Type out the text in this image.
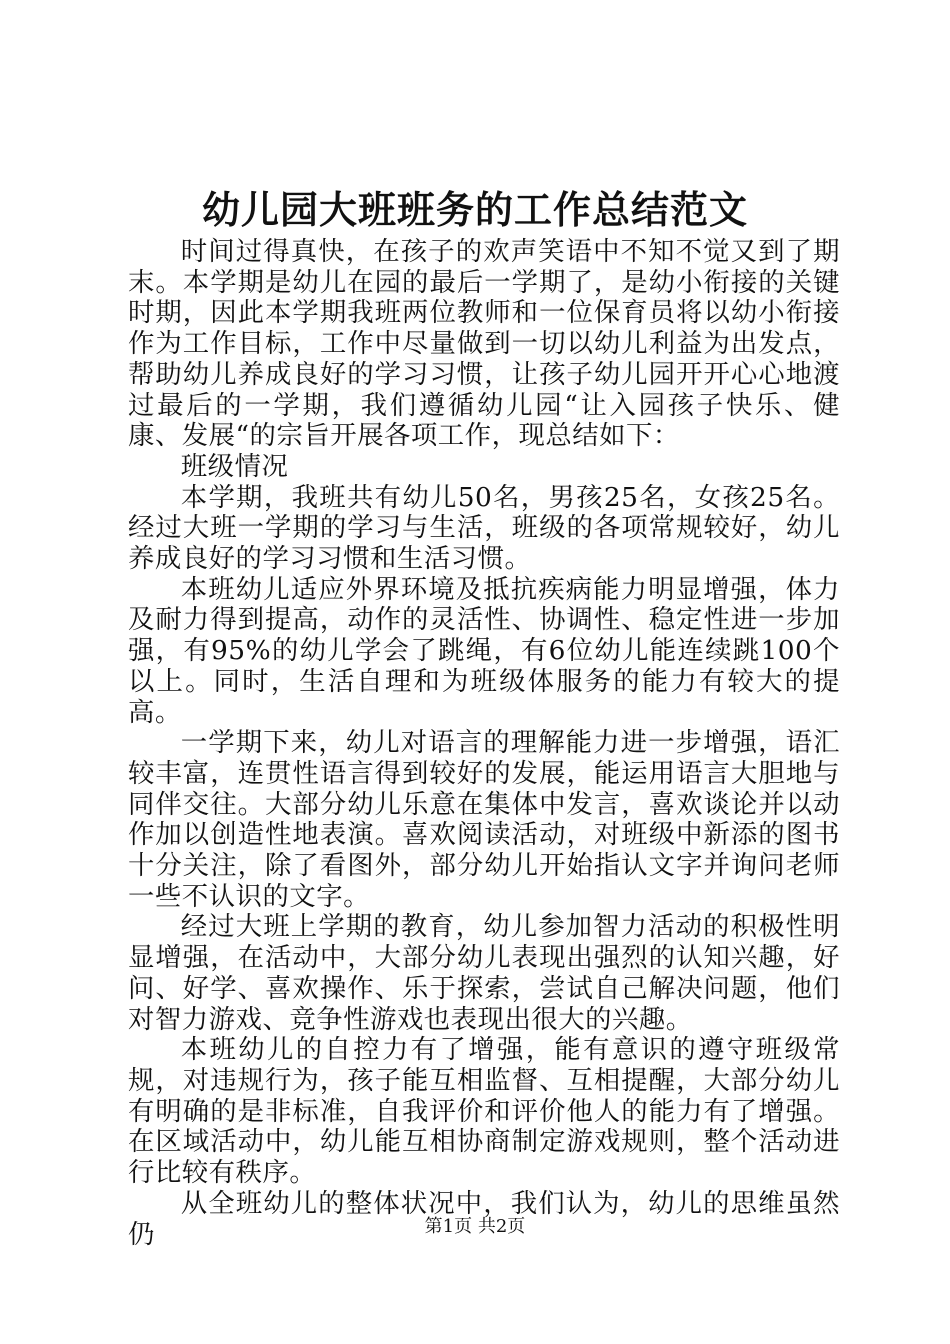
幼儿园大班班务的工作总结范文

时间过得真快，在孩子的欢声笑语中不知不觉又到了期末。本学期是幼儿在园的最后一学期了，是幼小衔接的关键时期，因此本学期我班两位教师和一位保育员将以幼小衔接作为工作目标，工作中尽量做到一切以幼儿利益为出发点，帮助幼儿养成良好的学习习惯，让孩子幼儿园开开心心地渡过最后的一学期，我们遵循幼儿园“让入园孩子快乐、健康、发展“的宗旨开展各项工作，现总结如下：

班级情况

本学期，我班共有幼儿50名，男孩25名，女孩25名。经过大班一学期的学习与生活，班级的各项常规较好，幼儿养成良好的学习习惯和生活习惯。

本班幼儿适应外界环境及抵抗疾病能力明显增强，体力及耐力得到提高，动作的灵活性、协调性、稳定性进一步加强，有95%的幼儿学会了跳绳，有6位幼儿能连续跳100个以上。同时，生活自理和为班级体服务的能力有较大的提高。

一学期下来，幼儿对语言的理解能力进一步增强，语汇较丰富，连贯性语言得到较好的发展，能运用语言大胆地与同伴交往。大部分幼儿乐意在集体中发言，喜欢谈论并以动作加以创造性地表演。喜欢阅读活动，对班级中新添的图书十分关注，除了看图外，部分幼儿开始指认文字并询问老师一些不认识的文字。

经过大班上学期的教育，幼儿参加智力活动的积极性明显增强，在活动中，大部分幼儿表现出强烈的认知兴趣，好问、好学、喜欢操作、乐于探索，尝试自己解决问题，他们对智力游戏、竞争性游戏也表现出很大的兴趣。

本班幼儿的自控力有了增强，能有意识的遵守班级常规，对违规行为，孩子能互相监督、互相提醒，大部分幼儿有明确的是非标准，自我评价和评价他人的能力有了增强。在区域活动中，幼儿能互相协商制定游戏规则，整个活动进行比较有秩序。

从全班幼儿的整体状况中，我们认为，幼儿的思维虽然仍	第1页 共2页
